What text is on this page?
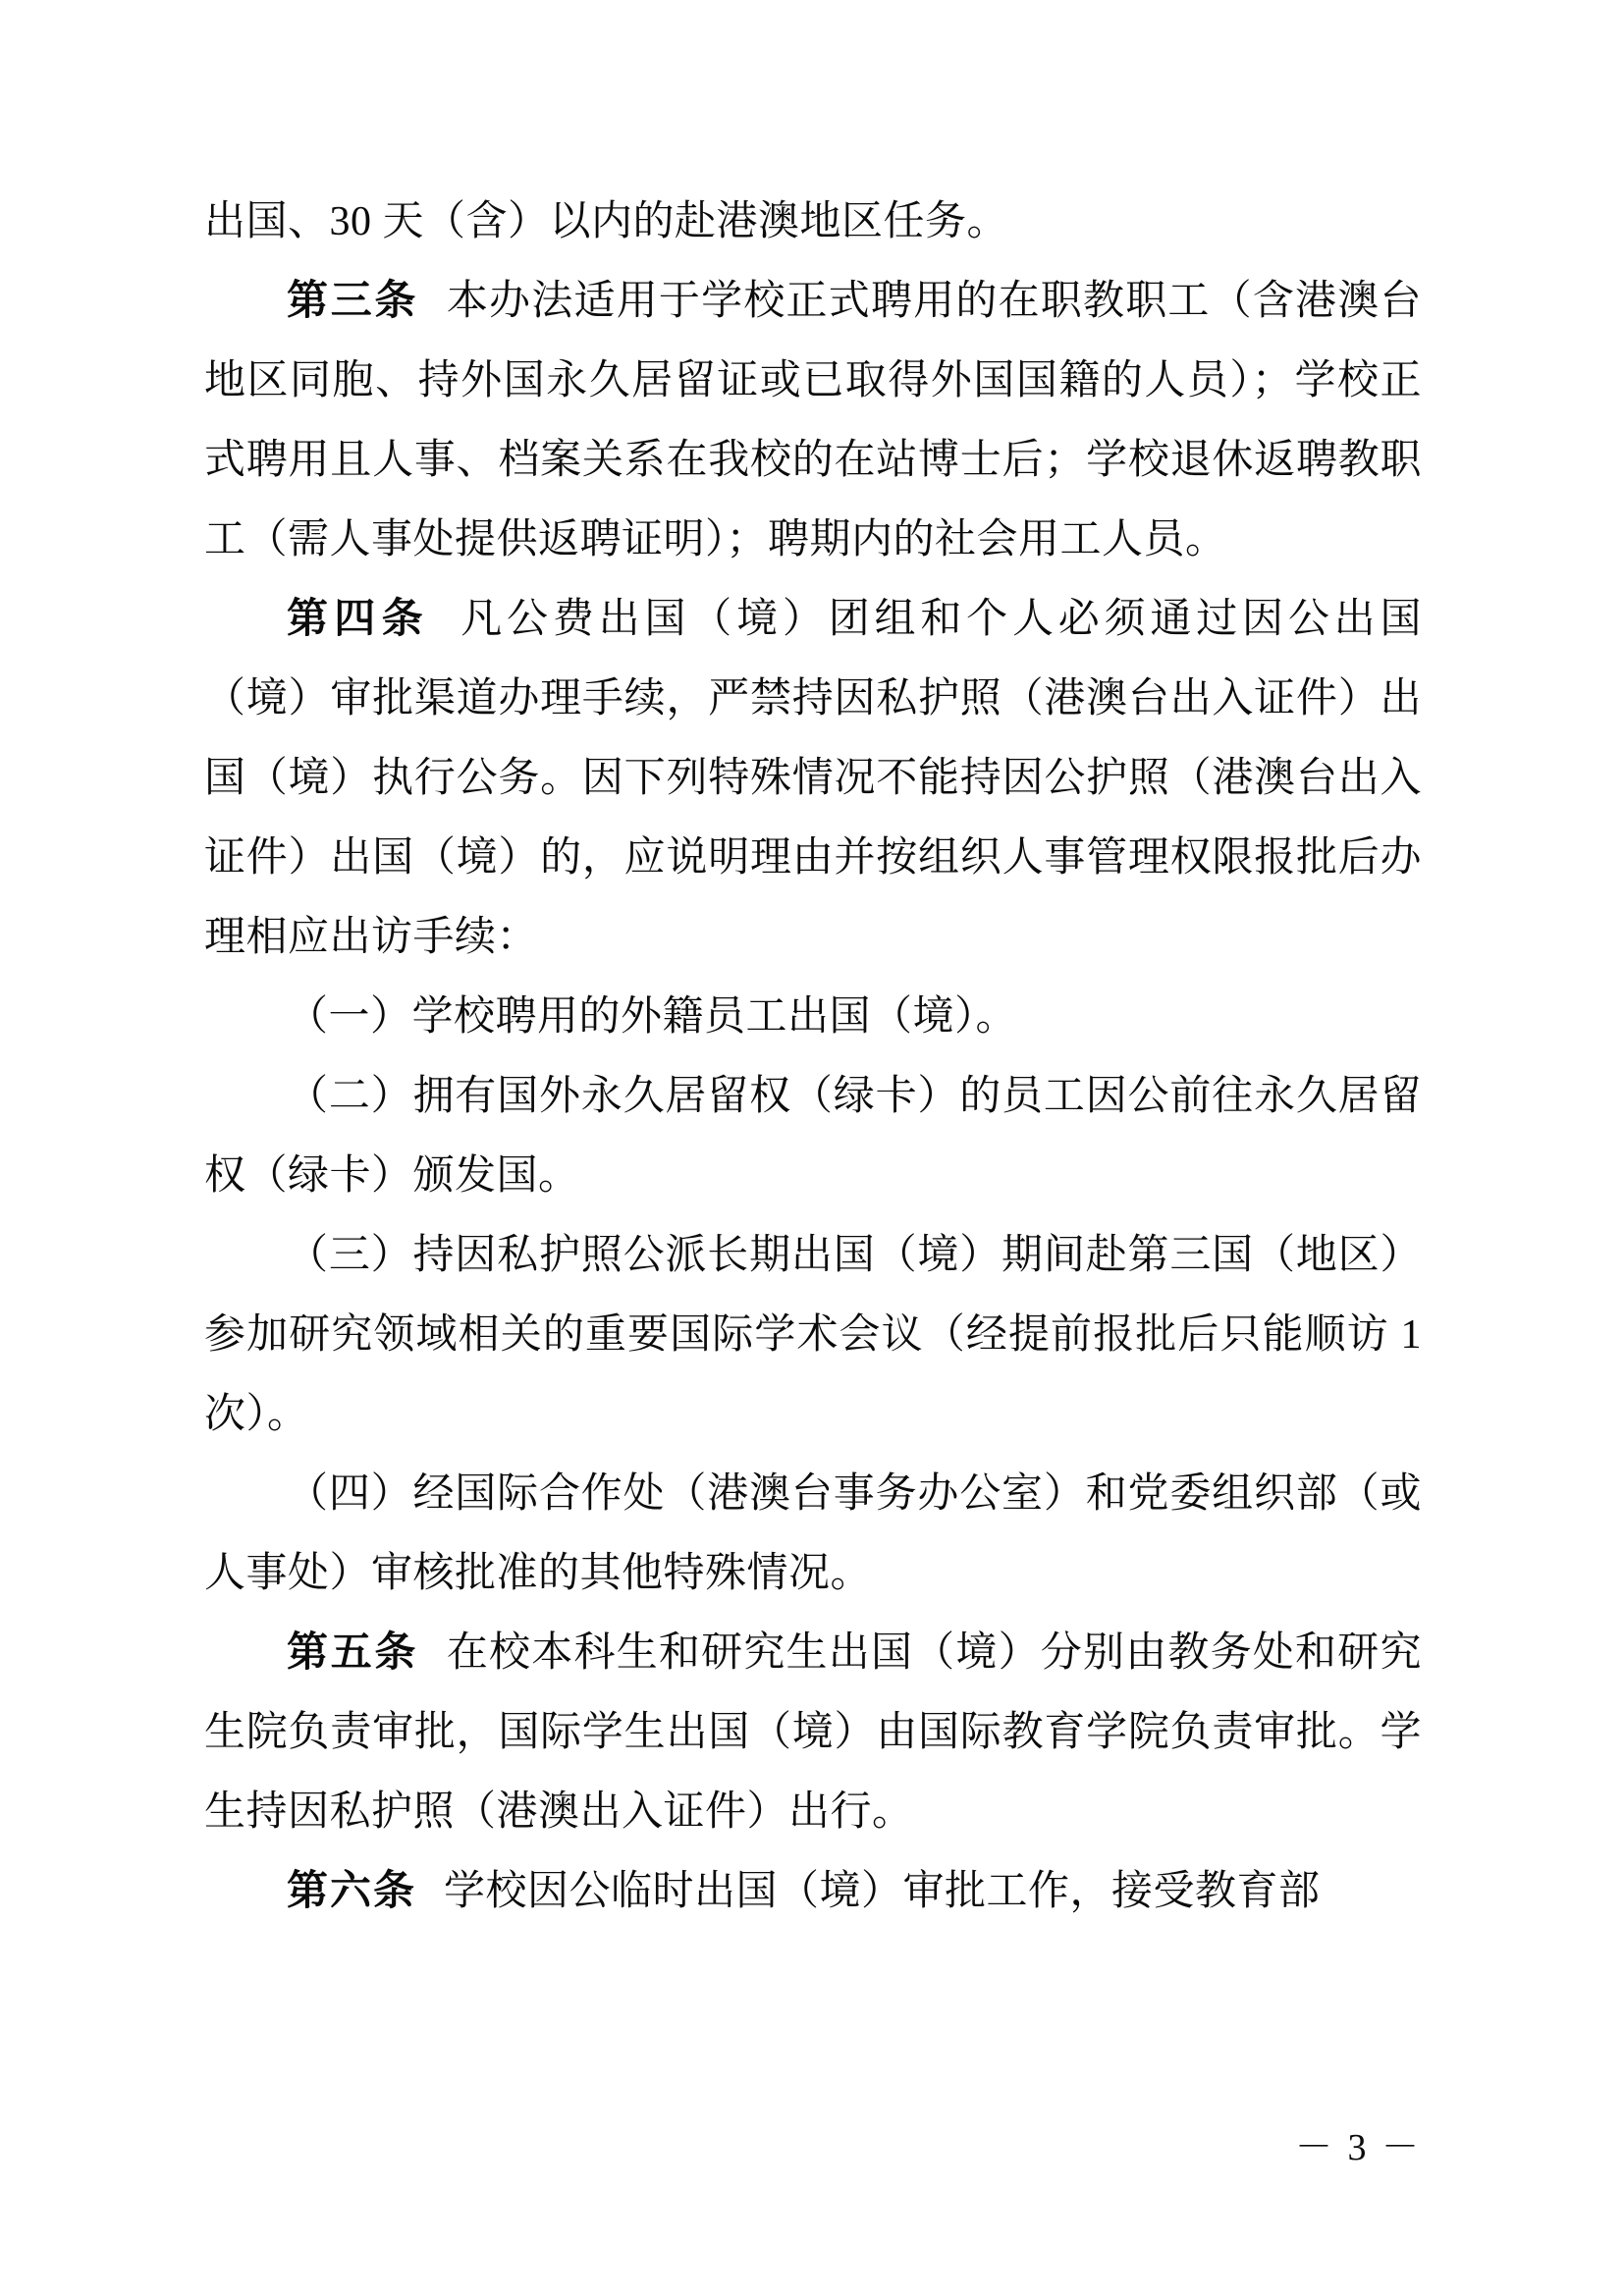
出国、30 天（含）以内的赴港澳地区任务。

第三条 本办法适用于学校正式聘用的在职教职工（含港澳台地区同胞、持外国永久居留证或已取得外国国籍的人员）；学校正式聘用且人事、档案关系在我校的在站博士后；学校退休返聘教职工（需人事处提供返聘证明）；聘期内的社会用工人员。

第四条 凡公费出国（境）团组和个人必须通过因公出国（境）审批渠道办理手续，严禁持因私护照（港澳台出入证件）出国（境）执行公务。因下列特殊情况不能持因公护照（港澳台出入证件）出国（境）的，应说明理由并按组织人事管理权限报批后办理相应出访手续：

（一）学校聘用的外籍员工出国（境）。

（二）拥有国外永久居留权（绿卡）的员工因公前往永久居留权（绿卡）颁发国。

（三）持因私护照公派长期出国（境）期间赴第三国（地区）参加研究领域相关的重要国际学术会议（经提前报批后只能顺访 1 次）。

（四）经国际合作处（港澳台事务办公室）和党委组织部（或人事处）审核批准的其他特殊情况。

第五条 在校本科生和研究生出国（境）分别由教务处和研究生院负责审批，国际学生出国（境）由国际教育学院负责审批。学生持因私护照（港澳出入证件）出行。

第六条 学校因公临时出国（境）审批工作，接受教育部

－ 3 －
